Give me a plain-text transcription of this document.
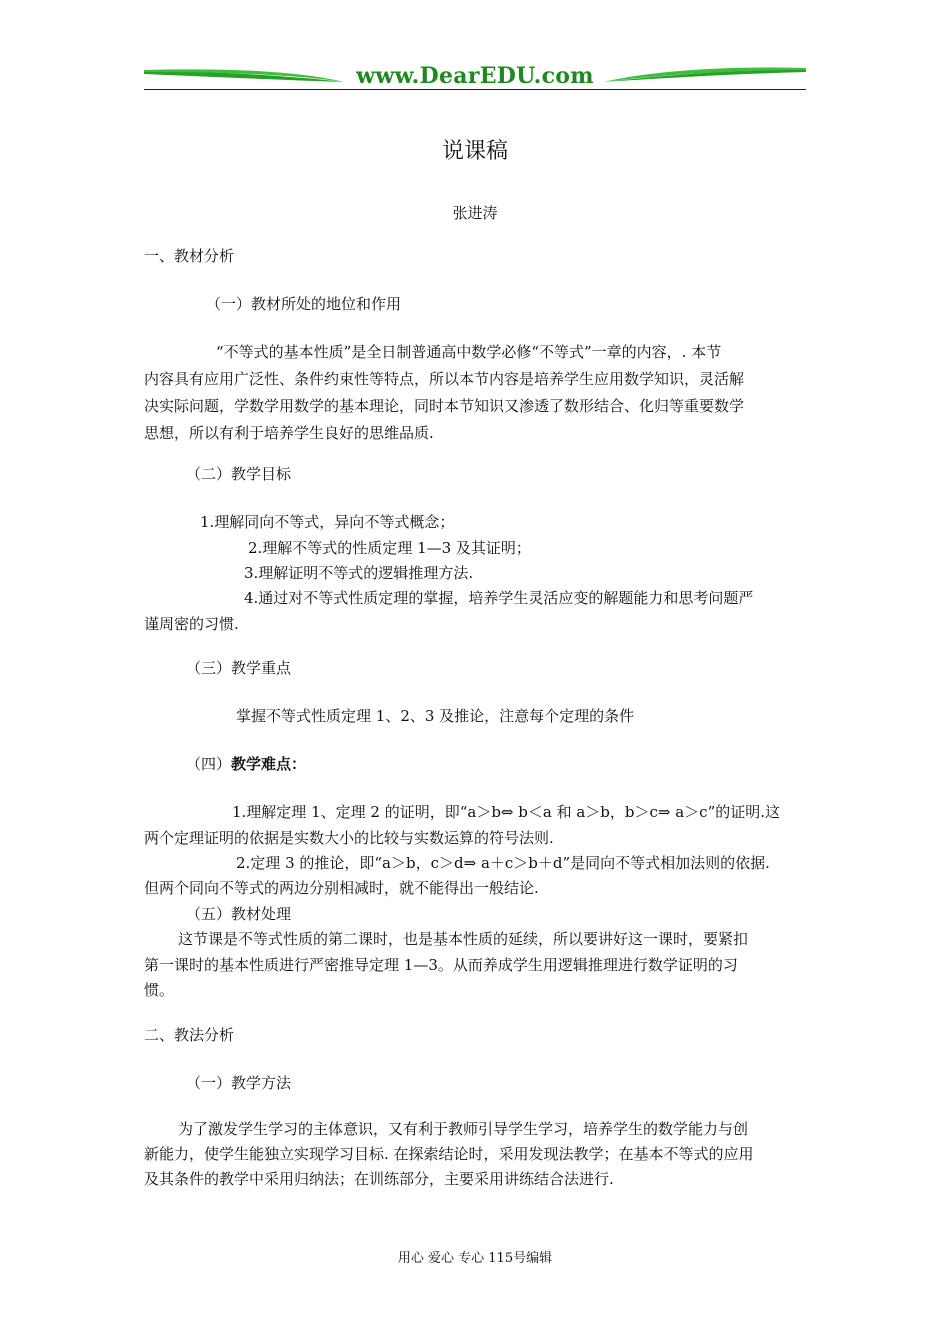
www.DearEDU.com
说课稿
张进涛
一、教材分析
（一）教材所处的地位和作用
“不等式的基本性质”是全日制普通高中数学必修“不等式”一章的内容，. 本节
内容具有应用广泛性、条件约束性等特点，所以本节内容是培养学生应用数学知识，灵活解
决实际问题，学数学用数学的基本理论，同时本节知识又渗透了数形结合、化归等重要数学
思想，所以有利于培养学生良好的思维品质.
（二）教学目标
1.理解同向不等式，异向不等式概念；
2.理解不等式的性质定理 1—3 及其证明；
3.理解证明不等式的逻辑推理方法.
4.通过对不等式性质定理的掌握，培养学生灵活应变的解题能力和思考问题严
谨周密的习惯.
（三）教学重点
掌握不等式性质定理 1、2、3 及推论，注意每个定理的条件
（四）教学难点：
1.理解定理 1、定理 2 的证明，即“a＞b⇔ b＜a 和 a＞b，b＞c⇒ a＞c”的证明.这
两个定理证明的依据是实数大小的比较与实数运算的符号法则.
2.定理 3 的推论，即“a＞b，c＞d⇒ a＋c＞b＋d”是同向不等式相加法则的依据.
但两个同向不等式的两边分别相减时，就不能得出一般结论.
（五）教材处理
这节课是不等式性质的第二课时，也是基本性质的延续，所以要讲好这一课时，要紧扣
第一课时的基本性质进行严密推导定理 1—3。从而养成学生用逻辑推理进行数学证明的习
惯。
二、教法分析
（一）教学方法
为了激发学生学习的主体意识，又有利于教师引导学生学习，培养学生的数学能力与创
新能力，使学生能独立实现学习目标. 在探索结论时，采用发现法教学；在基本不等式的应用
及其条件的教学中采用归纳法；在训练部分，主要采用讲练结合法进行.
用心 爱心 专心 115号编辑
